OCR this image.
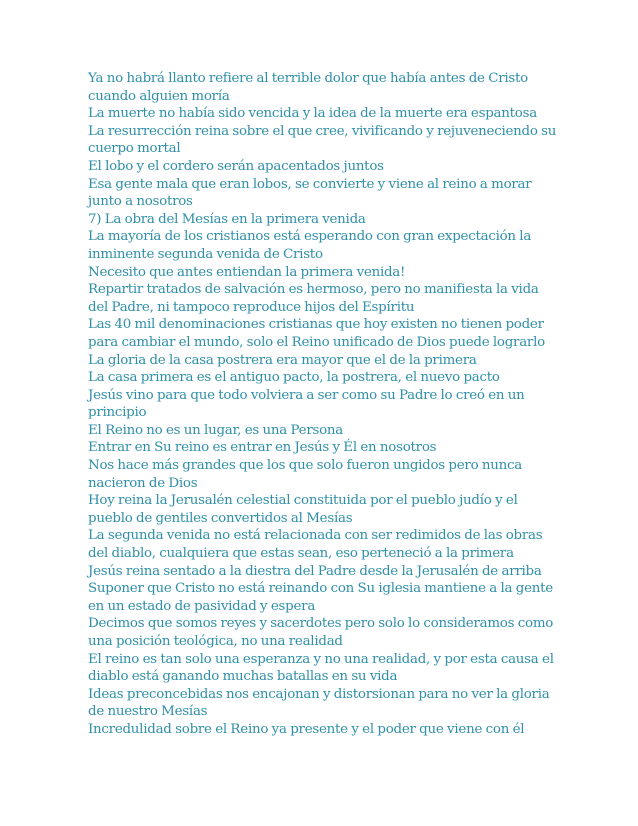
Ya no habrá llanto refiere al terrible dolor que había antes de Cristo cuando alguien moría

La muerte no había sido vencida y la idea de la muerte era espantosa

La resurrección reina sobre el que cree, vivificando y rejuveneciendo su cuerpo mortal

El lobo y el cordero serán apacentados juntos

Esa gente mala que eran lobos, se convierte y viene al reino a morar junto a nosotros

7) La obra del Mesías en la primera venida

La mayoría de los cristianos está esperando con gran expectación la inminente segunda venida de Cristo

Necesito que antes entiendan la primera venida!

Repartir tratados de salvación es hermoso, pero no manifiesta la vida del Padre, ni tampoco reproduce hijos del Espíritu

Las 40 mil denominaciones cristianas que hoy existen no tienen poder para cambiar el mundo, solo el Reino unificado de Dios puede lograrlo

La gloria de la casa postrera era mayor que el de la primera

La casa primera es el antiguo pacto, la postrera, el nuevo pacto

Jesús vino para que todo volviera a ser como su Padre lo creó en un principio

El Reino no es un lugar, es una Persona

Entrar en Su reino es entrar en Jesús y Él en nosotros

Nos hace más grandes que los que solo fueron ungidos pero nunca nacieron de Dios

Hoy reina la Jerusalén celestial constituida por el pueblo judío y el pueblo de gentiles convertidos al Mesías

La segunda venida no está relacionada con ser redimidos de las obras del diablo, cualquiera que estas sean, eso perteneció a la primera

Jesús reina sentado a la diestra del Padre desde la Jerusalén de arriba

Suponer que Cristo no está reinando con Su iglesia mantiene a la gente en un estado de pasividad y espera

Decimos que somos reyes y sacerdotes pero solo lo consideramos como una posición teológica, no una realidad

El reino es tan solo una esperanza y no una realidad, y por esta causa el diablo está ganando muchas batallas en su vida

Ideas preconcebidas nos encajonan y distorsionan para no ver la gloria de nuestro Mesías

Incredulidad sobre el Reino ya presente y el poder que viene con él
